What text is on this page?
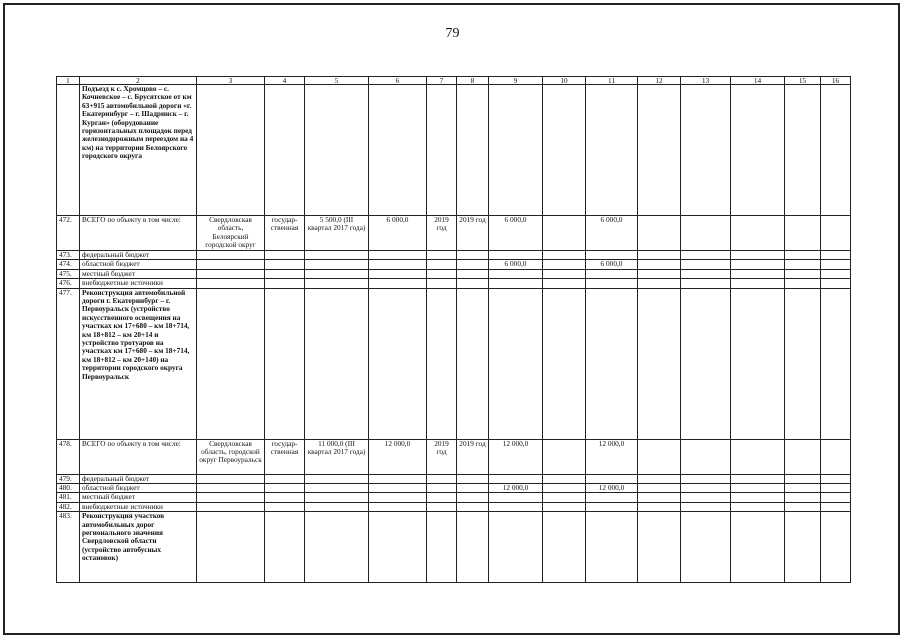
79
1	2	3	4	5	6	7	8	9	10	11	12	13	14	15	16
	Подъезд к с. Хромцово – с. Кочневское – с. Брусятское от км 63+915 автомобильной дороги «г. Екатеринбург – г. Шадринск – г. Курган» (оборудование горизонтальных площадок перед железнодорожным переездом на 4 км) на территории Белоярского городского округа														
472.	ВСЕГО по объекту в том числе:	Свердловская область, Белоярский городской округ	государ-ственная	5 500,0 (III квартал 2017 года)	6 000,0	2019 год	2019 год	6 000,0		6 000,0					
473.	федеральный бюджет														
474.	областной бюджет							6 000,0		6 000,0					
475.	местный бюджет														
476.	внебюджетные источники														
477.	Реконструкция автомобильной дороги г. Екатеринбург – г. Первоуральск (устройство искусственного освещения на участках км 17+680 – км 18+714, км 18+812 – км 20+14 и устройство тротуаров на участках км 17+680 – км 18+714, км 18+812 – км 20+140) на территории городского округа Первоуральск														
478.	ВСЕГО по объекту в том числе:	Свердловская область, городской округ Первоуральск	государ-ственная	11 000,0 (III квартал 2017 года)	12 000,0	2019 год	2019 год	12 000,0		12 000,0					
479.	федеральный бюджет														
480.	областной бюджет							12 000,0		12 000,0					
481.	местный бюджет														
482.	внебюджетные источники														
483.	Реконструкция участков автомобильных дорог регионального значения Свердловской области (устройство автобусных остановок)														
